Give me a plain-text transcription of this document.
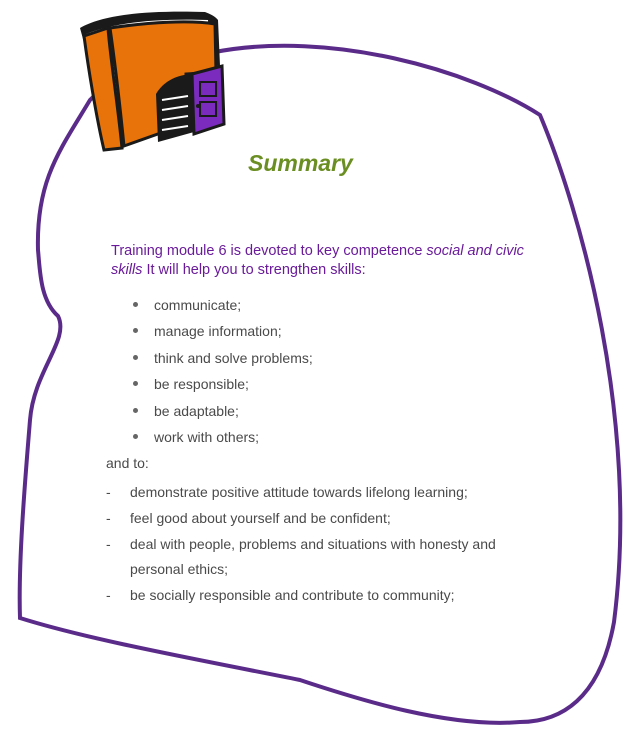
Summary
Training module 6 is devoted to key competence social and civic skills It will help you to strengthen skills:
communicate;
manage information;
think and solve problems;
be responsible;
be adaptable;
work with others;
and to:
- demonstrate positive attitude towards lifelong learning;
- feel good about yourself and be confident;
- deal with people, problems and situations with honesty and personal ethics;
- be socially responsible and contribute to community;
